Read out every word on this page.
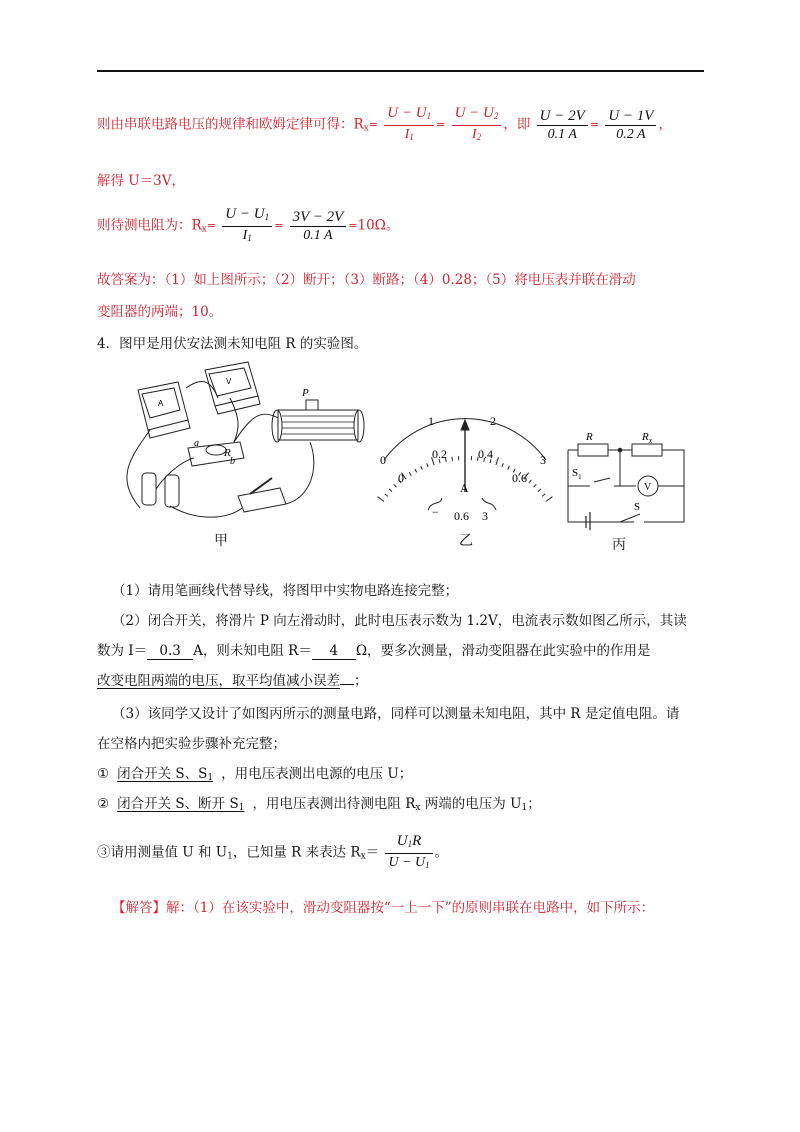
则由串联电路电压的规律和欧姆定律可得：$R_x= \frac{U - U_1}{I_1} = \frac{U - U_2}{I_2}$ ，即 $\frac{U - 2V}{0.1 A} = \frac{U - 1V}{0.2 A}$ ，
解得 U＝3V，
则待测电阻为：$R_x= \frac{U - U_1}{I_1} = \frac{3V - 2V}{0.1 A} =10\Omega$。
故答案为：（1）如上图所示；（2）断开；（3）断路；（4）0.28；（5）将电压表并联在滑动
变阻器的两端；10。
4．图甲是用伏安法测未知电阻 R 的实验图。
R
a
b
P
A
V
甲
0
1	2
3
0
0.2	0.4
0.6
A
− 0.6 3
乙
R	$R_x$
$S_1$
V
S
丙
（1）请用笔画线代替导线，将图甲中实物电路连接完整；
（2）闭合开关，将滑片 P 向左滑动时，此时电压表示数为 1.2V，电流表示数如图乙所示，其读
数为 I＝ 0.3 A，则未知电阻 R＝ 4 Ω，要多次测量，滑动变阻器在此实验中的作用是
改变电阻两端的电压，取平均值减小误差 ；
（3）该同学又设计了如图丙所示的测量电路，同样可以测量未知电阻，其中 R 是定值电阻。请
在空格内把实验步骤补充完整；
① 闭合开关 S、$S_1$ ，用电压表测出电源的电压 U；
② 闭合开关 S、断开 $S_1$ ，用电压表测出待测电阻 $R_x$ 两端的电压为 $U_1$；
③请用测量值 U 和 $U_1$，已知量 R 来表达 $R_x= \frac{U_1R}{U - U_1}$ 。
【解答】解：（1）在该实验中，滑动变阻器按“一上一下”的原则串联在电路中，如下所示：
